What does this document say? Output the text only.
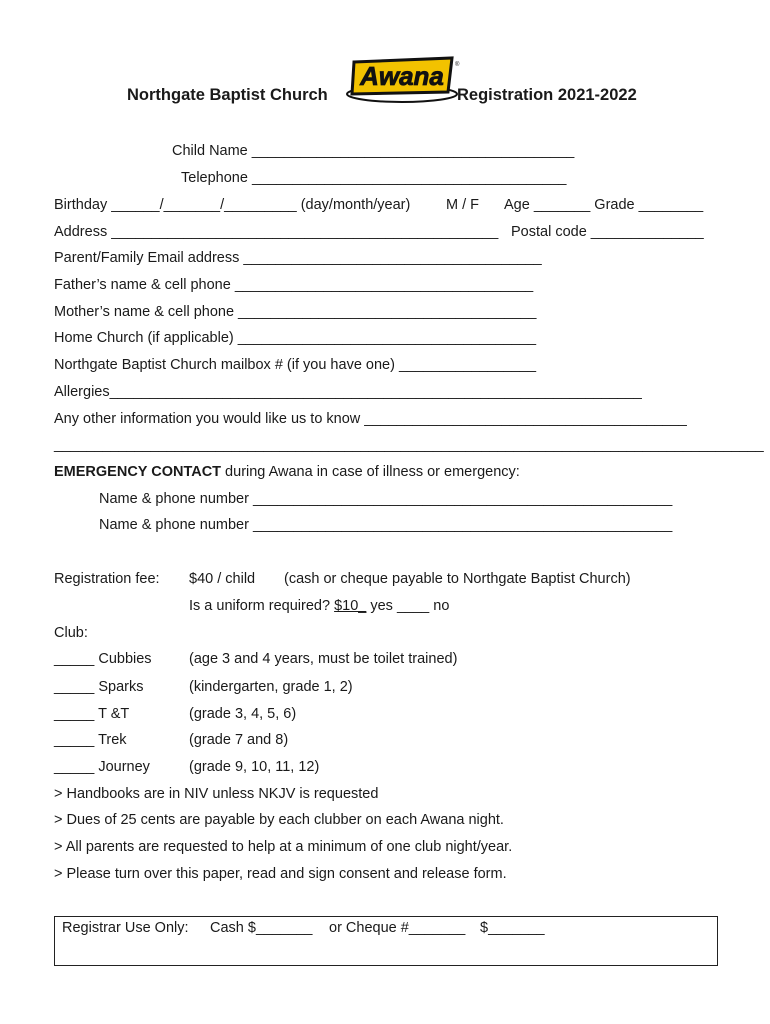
Northgate Baptist Church
Awana ®
Registration 2021-2022
Child Name ________________________________________
Telephone _______________________________________
Birthday ______/_______/_________ (day/month/year) M / F Age _______ Grade ________
Address ________________________________________________ Postal code ______________
Parent/Family Email address _____________________________________
Father’s name & cell phone _____________________________________
Mother’s name & cell phone _____________________________________
Home Church (if applicable) _____________________________________
Northgate Baptist Church mailbox # (if you have one) _________________
Allergies__________________________________________________________________
Any other information you would like us to know ________________________________________
________________________________________________________________________________________
EMERGENCY CONTACT during Awana in case of illness or emergency:
Name & phone number ____________________________________________________
Name & phone number ____________________________________________________
Registration fee: $40 / child (cash or cheque payable to Northgate Baptist Church)
Is a uniform required? $10_ yes ____ no
Club:
_____ Cubbies	(age 3 and 4 years, must be toilet trained)
_____ Sparks	(kindergarten, grade 1, 2)
_____ T &T	(grade 3, 4, 5, 6)
_____ Trek	(grade 7 and 8)
_____ Journey	(grade 9, 10, 11, 12)
> Handbooks are in NIV unless NKJV is requested
> Dues of 25 cents are payable by each clubber on each Awana night.
> All parents are requested to help at a minimum of one club night/year.
> Please turn over this paper, read and sign consent and release form.
Registrar Use Only: Cash $_______ or Cheque #_______ $_______
